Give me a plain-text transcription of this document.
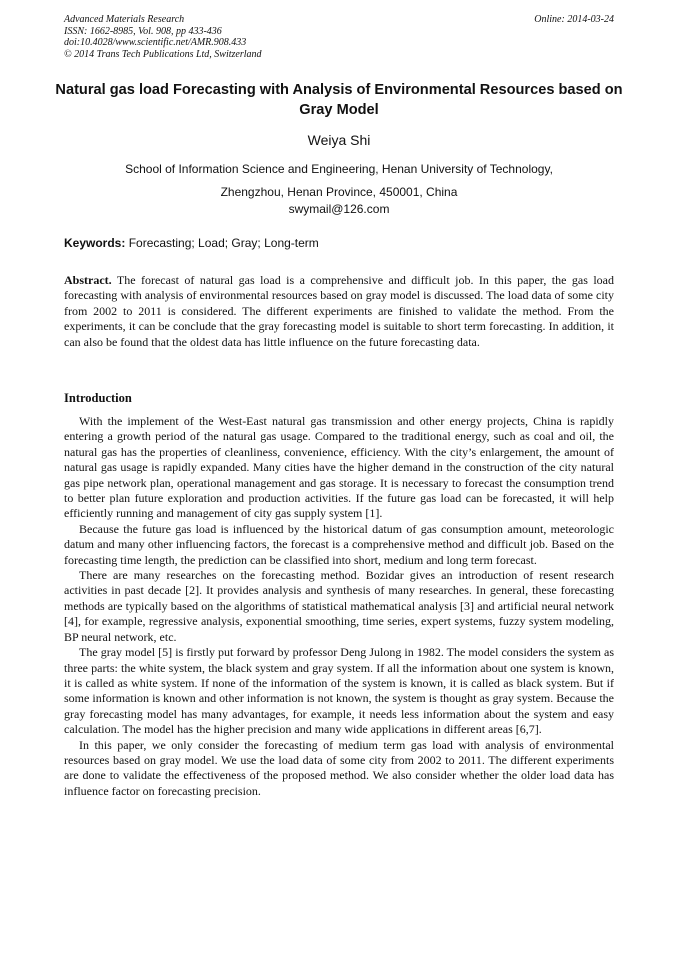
Advanced Materials Research
ISSN: 1662-8985, Vol. 908, pp 433-436
doi:10.4028/www.scientific.net/AMR.908.433
© 2014 Trans Tech Publications Ltd, Switzerland
Online: 2014-03-24
Natural gas load Forecasting with Analysis of Environmental Resources based on Gray Model
Weiya Shi
School of Information Science and Engineering, Henan University of Technology,
Zhengzhou, Henan Province, 450001, China
swymail@126.com
Keywords: Forecasting; Load; Gray; Long-term
Abstract. The forecast of natural gas load is a comprehensive and difficult job. In this paper, the gas load forecasting with analysis of environmental resources based on gray model is discussed. The load data of some city from 2002 to 2011 is considered. The different experiments are finished to validate the method. From the experiments, it can be conclude that the gray forecasting model is suitable to short term forecasting. In addition, it can also be found that the oldest data has little influence on the future forecasting data.
Introduction

With the implement of the West-East natural gas transmission and other energy projects, China is rapidly entering a growth period of the natural gas usage. Compared to the traditional energy, such as coal and oil, the natural gas has the properties of cleanliness, convenience, efficiency. With the city’s enlargement, the amount of natural gas usage is rapidly expanded. Many cities have the higher demand in the construction of the city natural gas pipe network plan, operational management and gas storage. It is necessary to forecast the consumption trend to better plan future exploration and production activities. If the future gas load can be forecasted, it will help efficiently running and management of city gas supply system [1].

Because the future gas load is influenced by the historical datum of gas consumption amount, meteorologic datum and many other influencing factors, the forecast is a comprehensive method and difficult job. Based on the forecasting time length, the prediction can be classified into short, medium and long term forecast.

There are many researches on the forecasting method. Bozidar gives an introduction of resent research activities in past decade [2]. It provides analysis and synthesis of many researches. In general, these forecasting methods are typically based on the algorithms of statistical mathematical analysis [3] and artificial neural network [4], for example, regressive analysis, exponential smoothing, time series, expert systems, fuzzy system modeling, BP neural network, etc.

The gray model [5] is firstly put forward by professor Deng Julong in 1982. The model considers the system as three parts: the white system, the black system and gray system. If all the information about one system is known, it is called as white system. If none of the information of the system is known, it is called as black system. But if some information is known and other information is not known, the system is thought as gray system. Because the gray forecasting model has many advantages, for example, it needs less information about the system and easy calculation. The model has the higher precision and many wide applications in different areas [6,7].

In this paper, we only consider the forecasting of medium term gas load with analysis of environmental resources based on gray model. We use the load data of some city from 2002 to 2011. The different experiments are done to validate the effectiveness of the proposed method. We also consider whether the older load data has influence factor on forecasting precision.
